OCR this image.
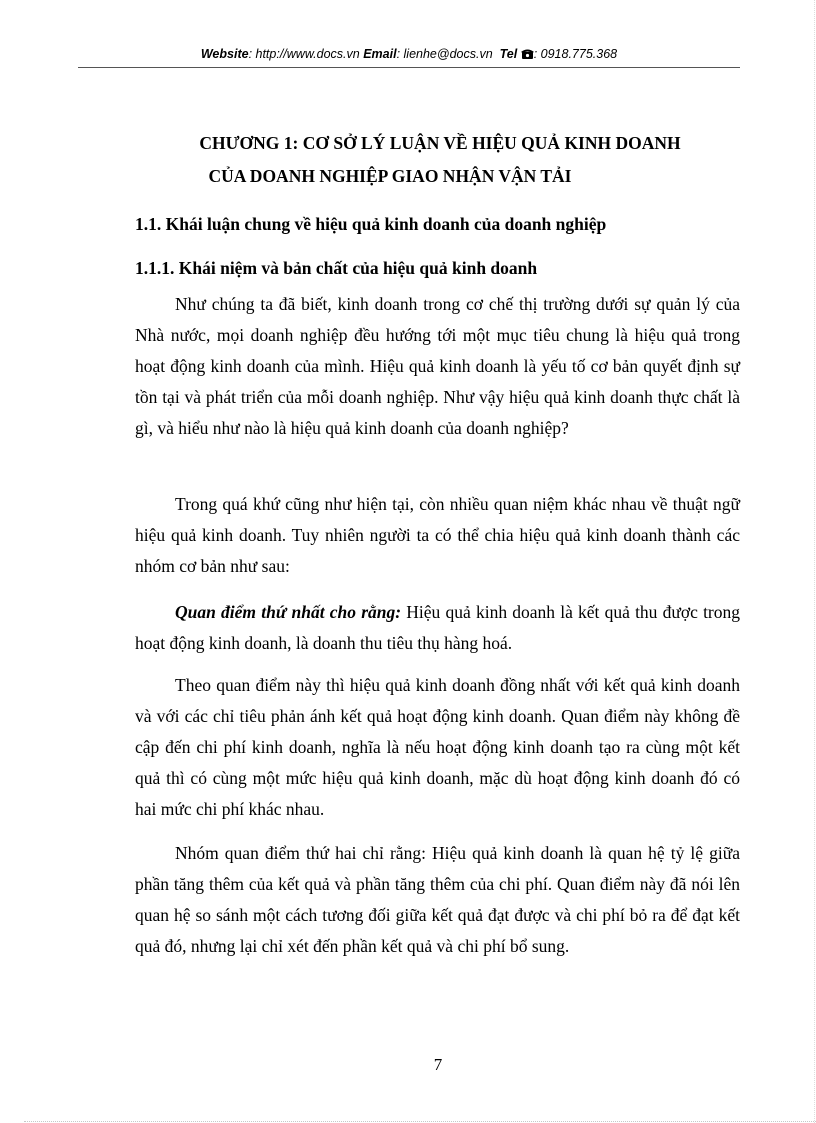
Website: http://www.docs.vn Email: lienhe@docs.vn Tel : 0918.775.368
CHƯƠNG 1: CƠ SỞ LÝ LUẬN VỀ HIỆU QUẢ KINH DOANH
CỦA DOANH NGHIỆP GIAO NHẬN VẬN TẢI
1.1. Khái luận chung về hiệu quả kinh doanh của doanh nghiệp
1.1.1. Khái niệm và bản chất của hiệu quả kinh doanh
Như chúng ta đã biết, kinh doanh trong cơ chế thị trường dưới sự quản lý của Nhà nước, mọi doanh nghiệp đều hướng tới một mục tiêu chung là hiệu quả trong hoạt động kinh doanh của mình. Hiệu quả kinh doanh là yếu tố cơ bản quyết định sự tồn tại và phát triển của mỗi doanh nghiệp. Như vậy hiệu quả kinh doanh thực chất là gì, và hiểu như nào là hiệu quả kinh doanh của doanh nghiệp?
Trong quá khứ cũng như hiện tại, còn nhiều quan niệm khác nhau về thuật ngữ hiệu quả kinh doanh. Tuy nhiên người ta có thể chia hiệu quả kinh doanh thành các nhóm cơ bản như sau:
Quan điểm thứ nhất cho rằng: Hiệu quả kinh doanh là kết quả thu được trong hoạt động kinh doanh, là doanh thu tiêu thụ hàng hoá.
Theo quan điểm này thì hiệu quả kinh doanh đồng nhất với kết quả kinh doanh và với các chỉ tiêu phản ánh kết quả hoạt động kinh doanh. Quan điểm này không đề cập đến chi phí kinh doanh, nghĩa là nếu hoạt động kinh doanh tạo ra cùng một kết quả thì có cùng một mức hiệu quả kinh doanh, mặc dù hoạt động kinh doanh đó có hai mức chi phí khác nhau.
Nhóm quan điểm thứ hai chỉ rằng: Hiệu quả kinh doanh là quan hệ tỷ lệ giữa phần tăng thêm của kết quả và phần tăng thêm của chi phí. Quan điểm này đã nói lên quan hệ so sánh một cách tương đối giữa kết quả đạt được và chi phí bỏ ra để đạt kết quả đó, nhưng lại chỉ xét đến phần kết quả và chi phí bổ sung.
7
